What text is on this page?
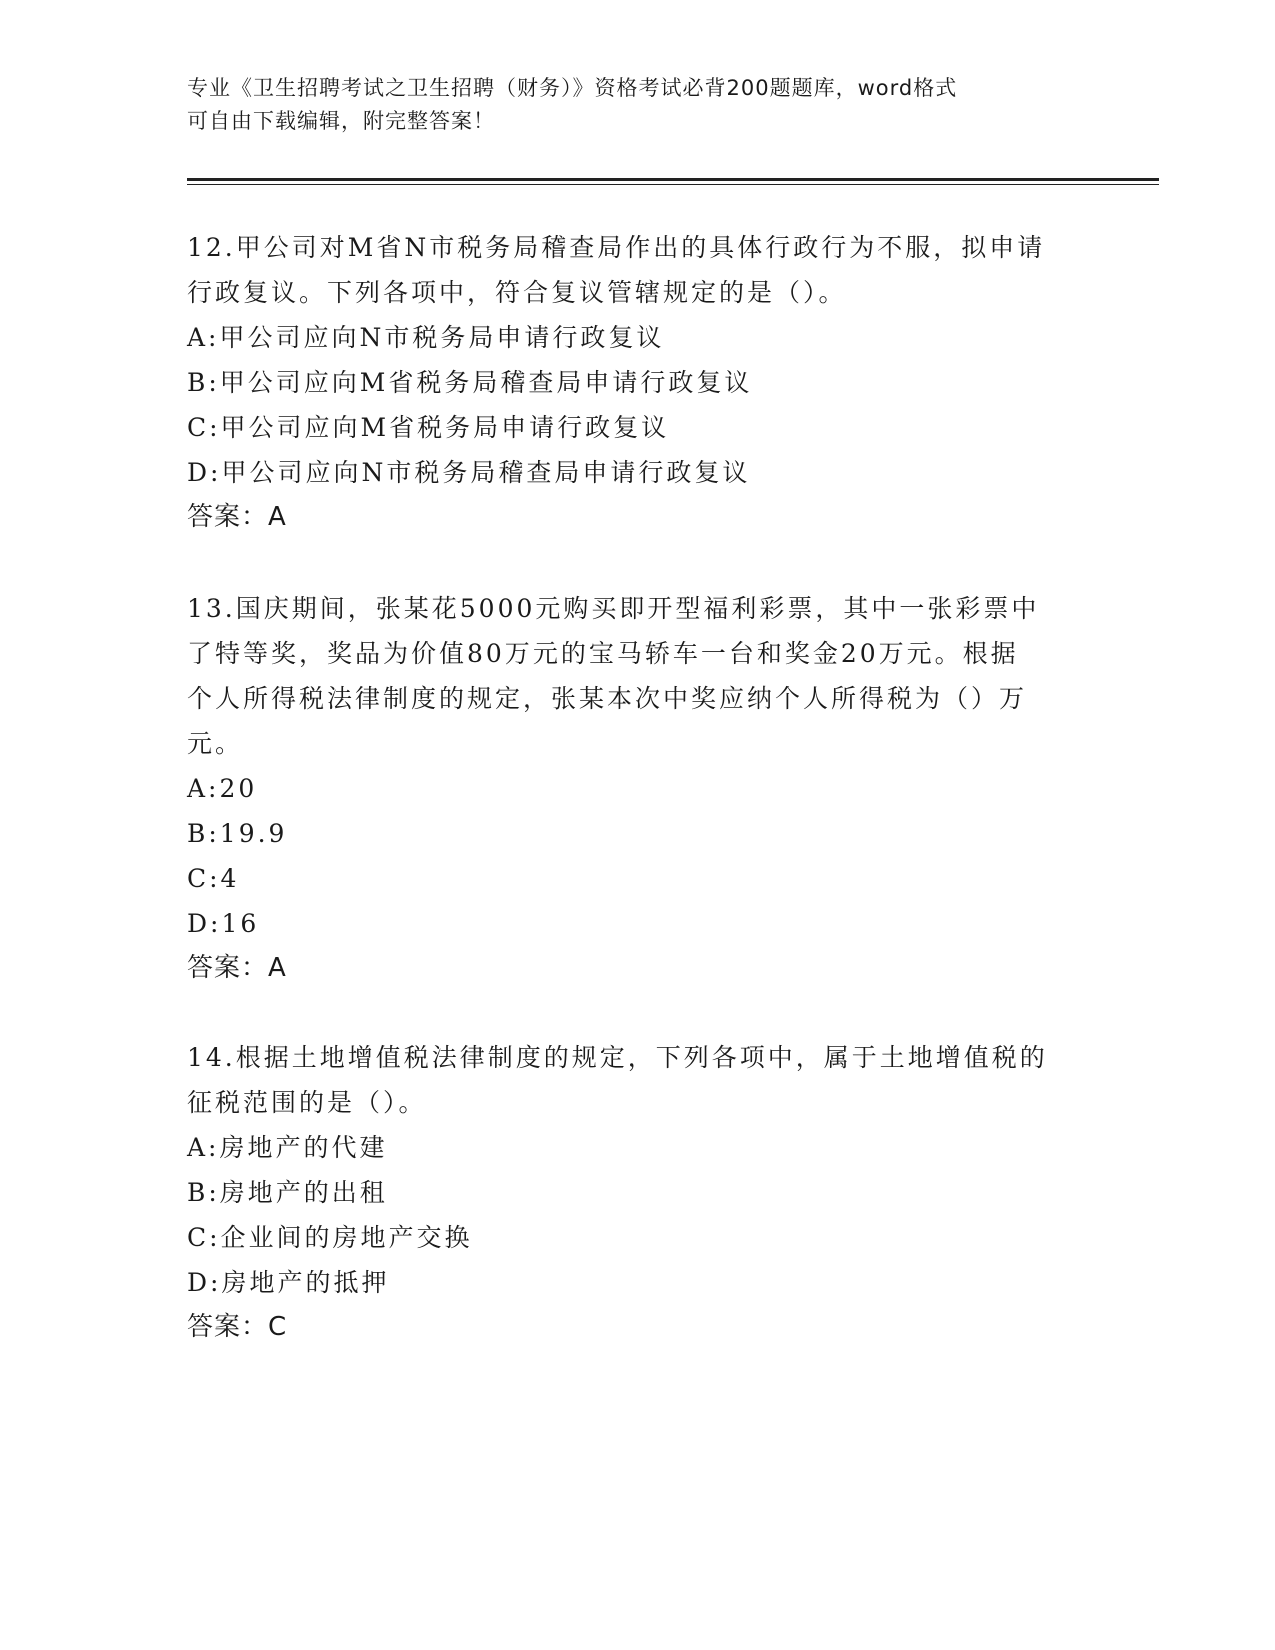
专业《卫生招聘考试之卫生招聘（财务）》资格考试必背200题题库，word格式
可自由下载编辑，附完整答案！
12.甲公司对M省N市税务局稽查局作出的具体行政行为不服，拟申请
行政复议。下列各项中，符合复议管辖规定的是（）。
A:甲公司应向N市税务局申请行政复议
B:甲公司应向M省税务局稽查局申请行政复议
C:甲公司应向M省税务局申请行政复议
D:甲公司应向N市税务局稽查局申请行政复议
答案：A
13.国庆期间，张某花5000元购买即开型福利彩票，其中一张彩票中
了特等奖，奖品为价值80万元的宝马轿车一台和奖金20万元。根据
个人所得税法律制度的规定，张某本次中奖应纳个人所得税为（）万
元。
A:20
B:19.9
C:4
D:16
答案：A
14.根据土地增值税法律制度的规定，下列各项中，属于土地增值税的
征税范围的是（）。
A:房地产的代建
B:房地产的出租
C:企业间的房地产交换
D:房地产的抵押
答案：C
